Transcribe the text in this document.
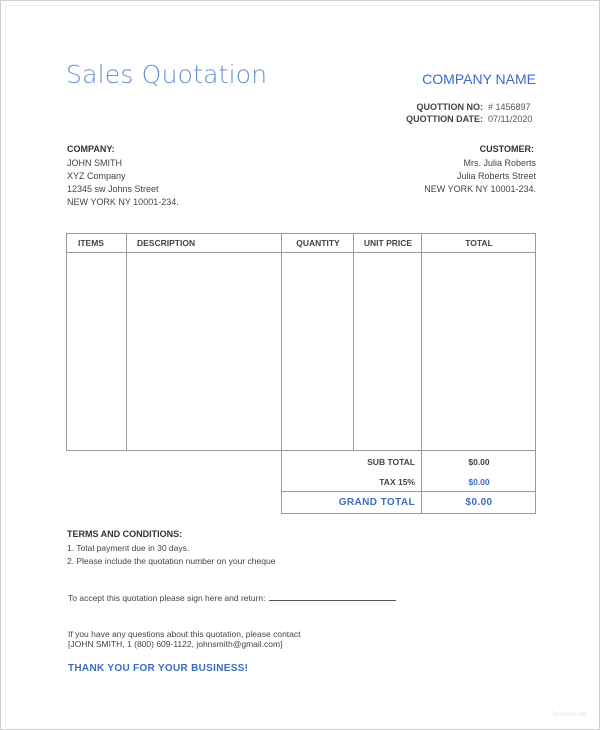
Sales Quotation	COMPANY NAME
QUOTTION NO: # 1456897
QUOTTION DATE: 07/11/2020
COMPANY:
JOHN SMITH
XYZ Company
12345 sw Johns Street
NEW YORK NY 10001-234.
CUSTOMER:
Mrs. Julia Roberts
Julia Roberts Street
NEW YORK NY 10001-234.
ITEMS	DESCRIPTION	QUANTITY	UNIT PRICE	TOTAL
SUB TOTAL	$0.00
TAX 15%	$0.00
GRAND TOTAL	$0.00
TERMS AND CONDITIONS:
1. Total payment due in 30 days.
2. Please include the quotation number on your cheque
To accept this quotation please sign here and return:
If you have any questions about this quotation, please contact
[JOHN SMITH, 1 (800) 609-1122, johnsmith@gmail.com]
THANK YOU FOR YOUR BUSINESS!
Template.net
